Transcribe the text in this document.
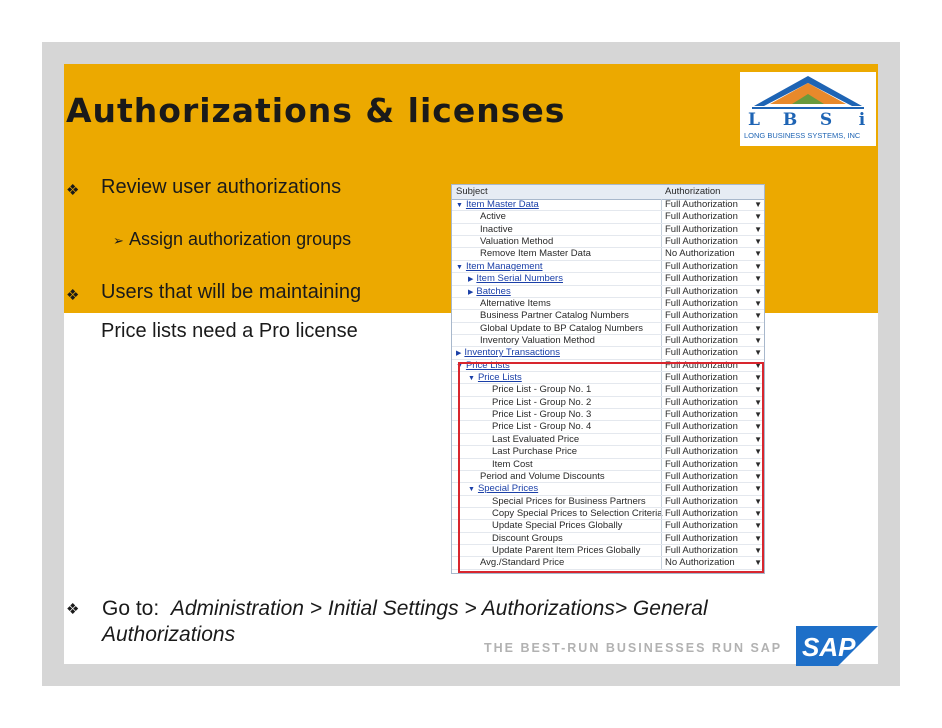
Authorizations & licenses	L	B	S	i
LONG BUSINESS SYSTEMS, INC
❖ Review user authorizations
➢ Assign authorization groups
❖ Users that will be maintaining
Price lists need a Pro license
Subject	Authorization
▼ Item Master Data	Full Authorization ▼
Active	Full Authorization ▼
Inactive	Full Authorization ▼
Valuation Method	Full Authorization ▼
Remove Item Master Data	No Authorization ▼
▼ Item Management	Full Authorization ▼
▶ Item Serial Numbers	Full Authorization ▼
▶ Batches	Full Authorization ▼
Alternative Items	Full Authorization ▼
Business Partner Catalog Numbers	Full Authorization ▼
Global Update to BP Catalog Numbers	Full Authorization ▼
Inventory Valuation Method	Full Authorization ▼
▶ Inventory Transactions	Full Authorization ▼
▼ Price Lists	Full Authorization ▼
▼ Price Lists	Full Authorization ▼
Price List - Group No. 1	Full Authorization ▼
Price List - Group No. 2	Full Authorization ▼
Price List - Group No. 3	Full Authorization ▼
Price List - Group No. 4	Full Authorization ▼
Last Evaluated Price	Full Authorization ▼
Last Purchase Price	Full Authorization ▼
Item Cost	Full Authorization ▼
Period and Volume Discounts	Full Authorization ▼
▼ Special Prices	Full Authorization ▼
Special Prices for Business Partners	Full Authorization ▼
Copy Special Prices to Selection Criteria Full Authorization ▼
Update Special Prices Globally	Full Authorization ▼
Discount Groups	Full Authorization ▼
Update Parent Item Prices Globally	Full Authorization ▼
Avg./Standard Price	No Authorization ▼
❖ Go to: Administration > Initial Settings > Authorizations> General Authorizations
THE BEST-RUN BUSINESSES RUN SAP SAP
